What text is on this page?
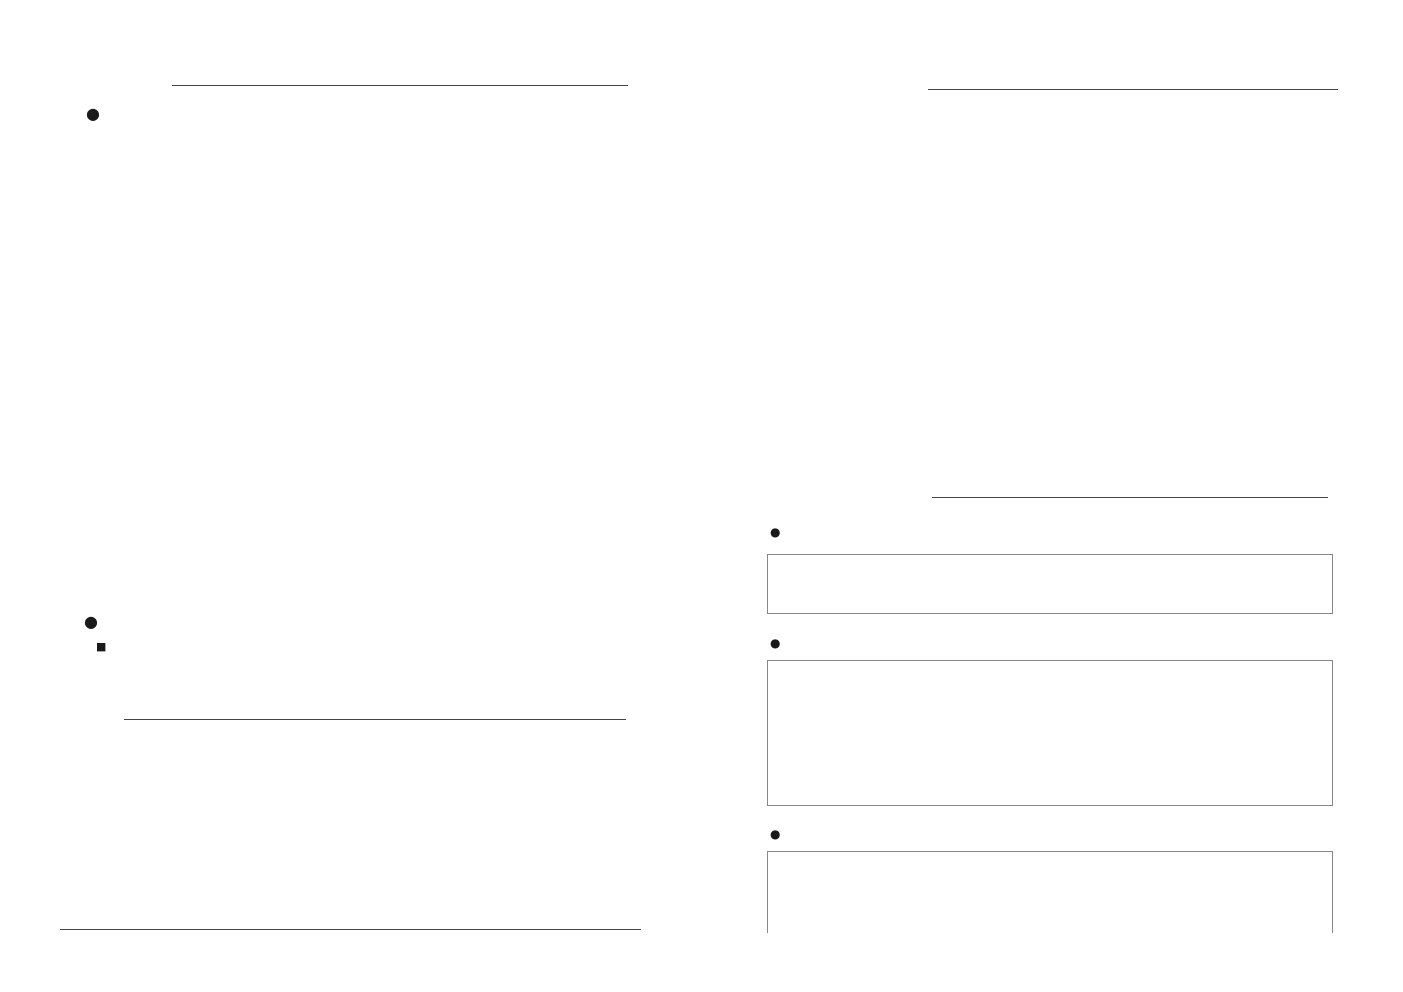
●
●
■
●
●
●
